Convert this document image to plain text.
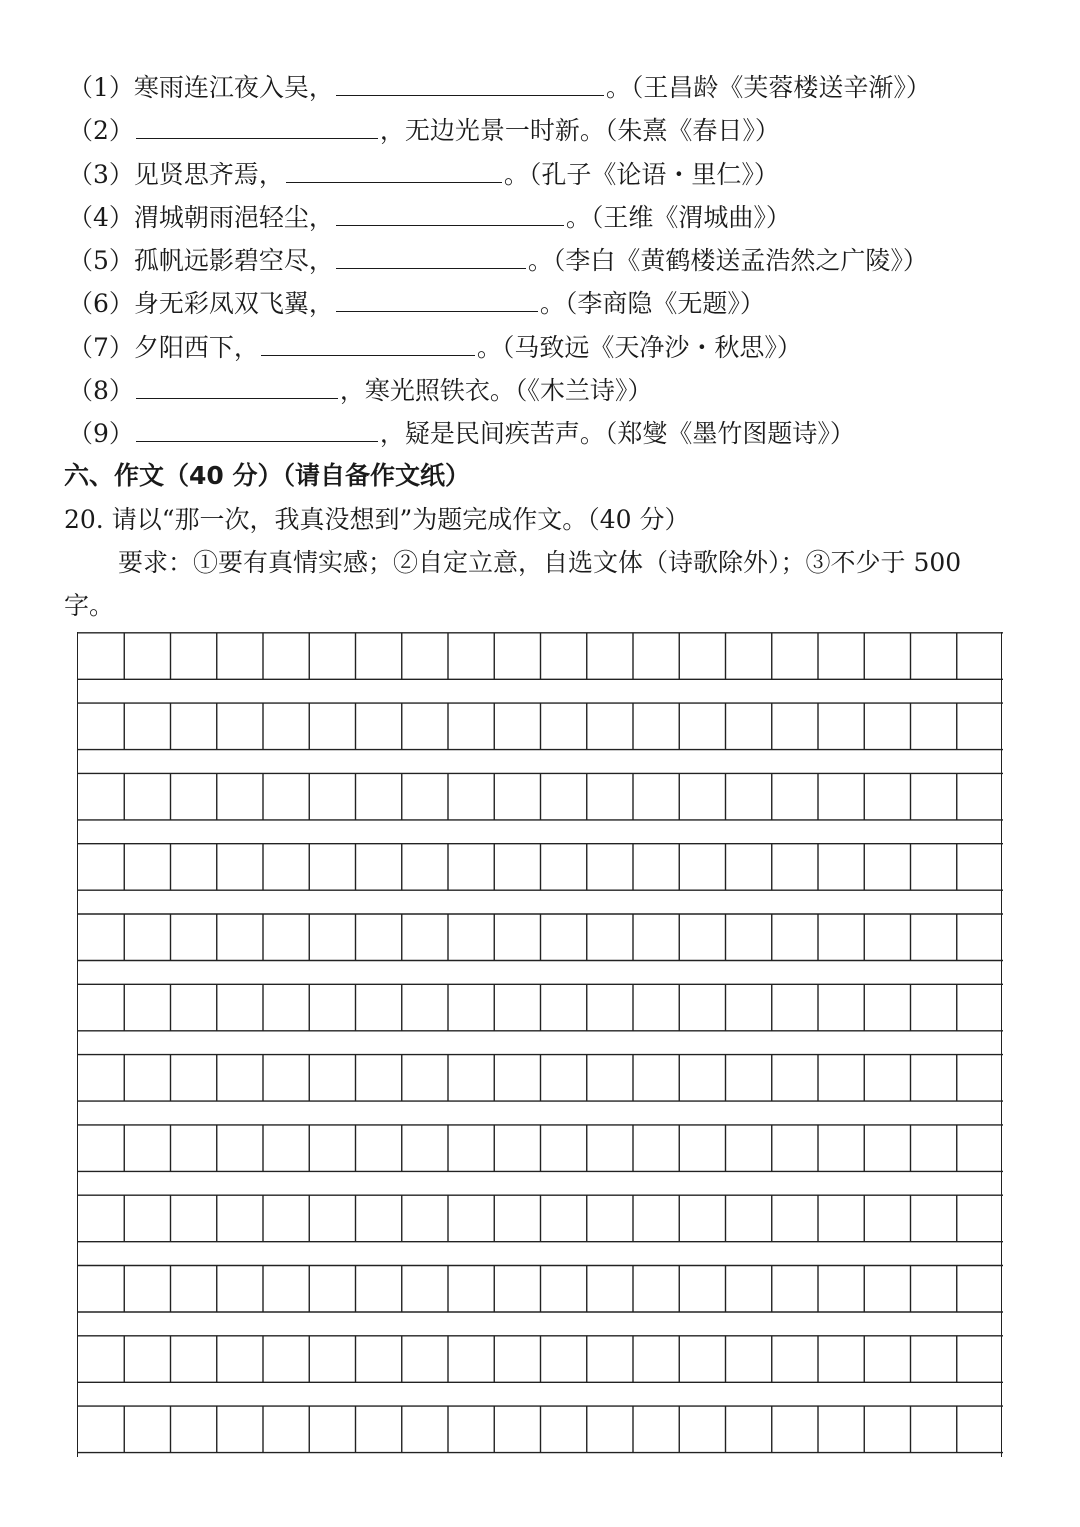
（1）寒雨连江夜入吴，	。（王昌龄《芙蓉楼送辛渐》）
（2）	，无边光景一时新。（朱熹《春日》）
（3）见贤思齐焉，	。（孔子《论语・里仁》）
（4）渭城朝雨浥轻尘，	。（王维《渭城曲》）
（5）孤帆远影碧空尽，	。（李白《黄鹤楼送孟浩然之广陵》）
（6）身无彩凤双飞翼，	。（李商隐《无题》）
（7）夕阳西下，	。（马致远《天净沙・秋思》）
（8）	，寒光照铁衣。（《木兰诗》）
（9）	，疑是民间疾苦声。（郑燮《墨竹图题诗》）
六、作文（40 分）（请自备作文纸）
20. 请以“那一次，我真没想到”为题完成作文。（40 分）
要求：①要有真情实感；②自定立意，自选文体（诗歌除外）；③不少于 500
字。
